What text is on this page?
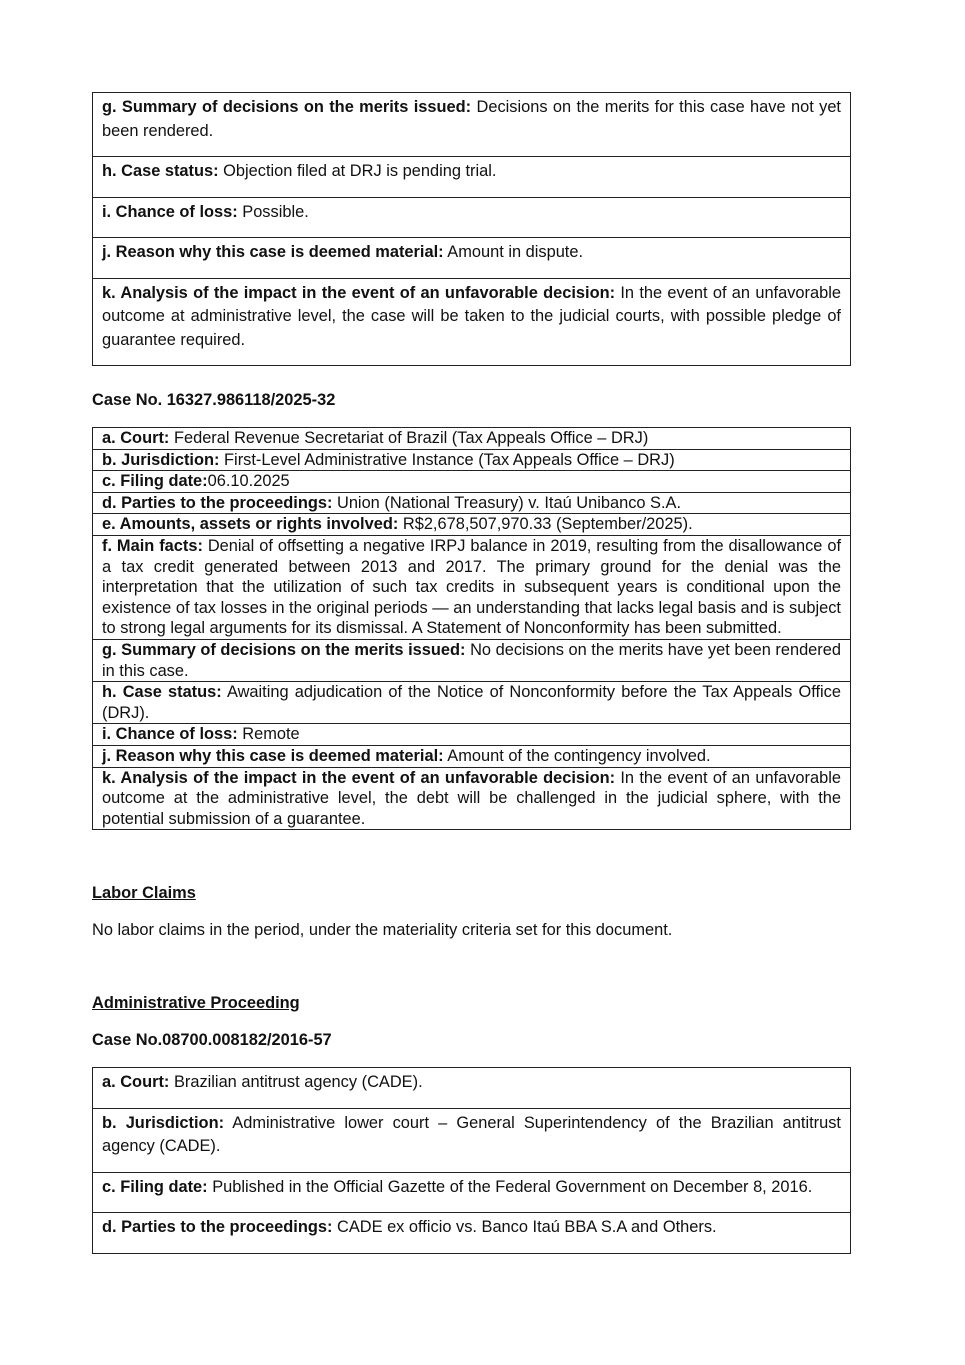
g. Summary of decisions on the merits issued: Decisions on the merits for this case have not yet been rendered.
h. Case status: Objection filed at DRJ is pending trial.
i. Chance of loss: Possible.
j. Reason why this case is deemed material: Amount in dispute.
k. Analysis of the impact in the event of an unfavorable decision: In the event of an unfavorable outcome at administrative level, the case will be taken to the judicial courts, with possible pledge of guarantee required.
Case No. 16327.986118/2025-32
a. Court: Federal Revenue Secretariat of Brazil (Tax Appeals Office – DRJ)
b. Jurisdiction: First-Level Administrative Instance (Tax Appeals Office – DRJ)
c. Filing date:06.10.2025
d. Parties to the proceedings: Union (National Treasury) v. Itaú Unibanco S.A.
e. Amounts, assets or rights involved: R$2,678,507,970.33 (September/2025).
f. Main facts: Denial of offsetting a negative IRPJ balance in 2019, resulting from the disallowance of a tax credit generated between 2013 and 2017. The primary ground for the denial was the interpretation that the utilization of such tax credits in subsequent years is conditional upon the existence of tax losses in the original periods — an understanding that lacks legal basis and is subject to strong legal arguments for its dismissal. A Statement of Nonconformity has been submitted.
g. Summary of decisions on the merits issued: No decisions on the merits have yet been rendered in this case.
h. Case status: Awaiting adjudication of the Notice of Nonconformity before the Tax Appeals Office (DRJ).
i. Chance of loss: Remote
j. Reason why this case is deemed material: Amount of the contingency involved.
k. Analysis of the impact in the event of an unfavorable decision: In the event of an unfavorable outcome at the administrative level, the debt will be challenged in the judicial sphere, with the potential submission of a guarantee.
Labor Claims
No labor claims in the period, under the materiality criteria set for this document.
Administrative Proceeding
Case No.08700.008182/2016-57
a. Court: Brazilian antitrust agency (CADE).
b. Jurisdiction: Administrative lower court – General Superintendency of the Brazilian antitrust agency (CADE).
c. Filing date: Published in the Official Gazette of the Federal Government on December 8, 2016.
d. Parties to the proceedings: CADE ex officio vs. Banco Itaú BBA S.A and Others.
